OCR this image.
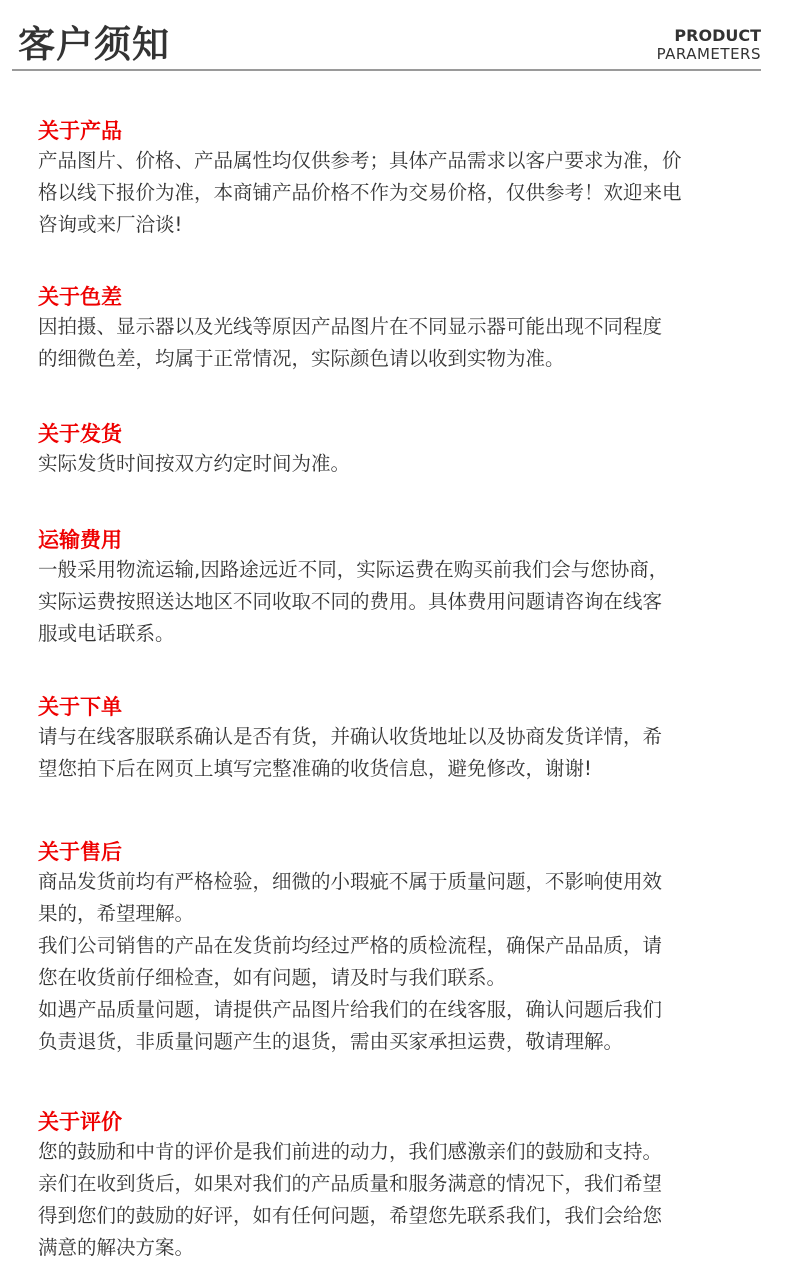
客户须知	PRODUCT
PARAMETERS
关于产品
产品图片、价格、产品属性均仅供参考；具体产品需求以客户要求为准，价
格以线下报价为准，本商铺产品价格不作为交易价格，仅供参考！欢迎来电
咨询或来厂洽谈!
关于色差
因拍摄、显示器以及光线等原因产品图片在不同显示器可能出现不同程度
的细微色差，均属于正常情况，实际颜色请以收到实物为准。
关于发货
实际发货时间按双方约定时间为准。
运输费用
一般采用物流运输,因路途远近不同，实际运费在购买前我们会与您协商，
实际运费按照送达地区不同收取不同的费用。具体费用问题请咨询在线客
服或电话联系。
关于下单
请与在线客服联系确认是否有货，并确认收货地址以及协商发货详情，希
望您拍下后在网页上填写完整准确的收货信息，避免修改，谢谢!
关于售后
商品发货前均有严格检验，细微的小瑕疵不属于质量问题，不影响使用效
果的，希望理解。
我们公司销售的产品在发货前均经过严格的质检流程，确保产品品质，请
您在收货前仔细检查，如有问题，请及时与我们联系。
如遇产品质量问题，请提供产品图片给我们的在线客服，确认问题后我们
负责退货，非质量问题产生的退货，需由买家承担运费，敬请理解。
关于评价
您的鼓励和中肯的评价是我们前进的动力，我们感激亲们的鼓励和支持。
亲们在收到货后，如果对我们的产品质量和服务满意的情况下，我们希望
得到您们的鼓励的好评，如有任何问题，希望您先联系我们，我们会给您
满意的解决方案。
